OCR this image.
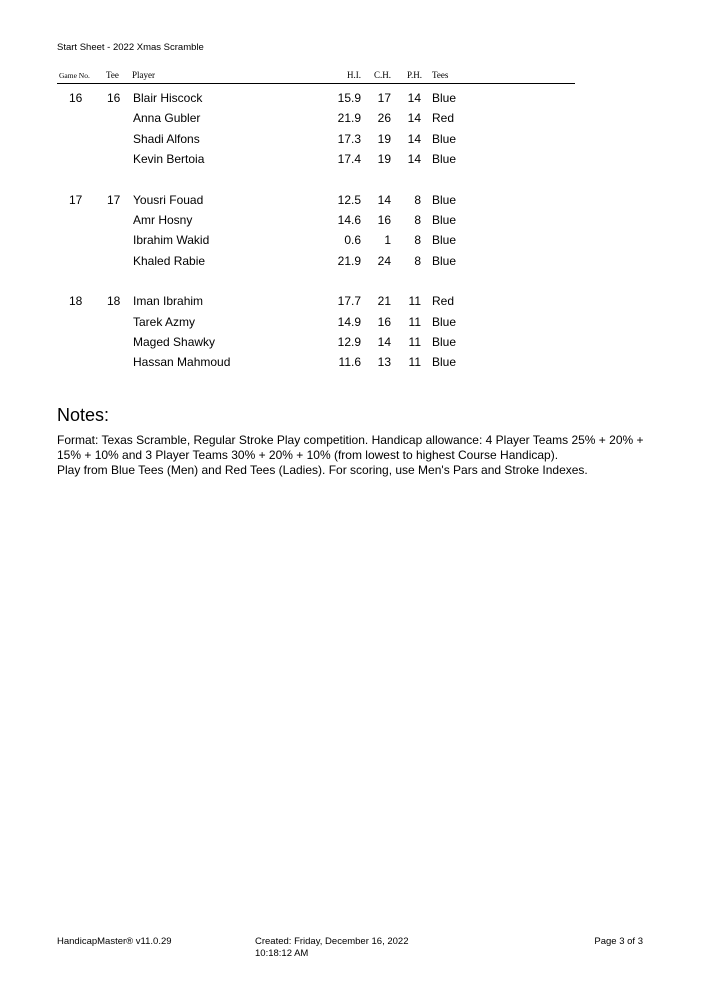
Start Sheet - 2022 Xmas Scramble
Game No. Tee Player	H.I. C.H. P.H. Tees
16 16 Blair Hiscock	15.9 17 14 Blue
Anna Gubler	21.9 26 14 Red
Shadi Alfons	17.3 19 14 Blue
Kevin Bertoia	17.4 19 14 Blue
17 17 Yousri Fouad	12.5 14 8 Blue
Amr Hosny	14.6 16 8 Blue
Ibrahim Wakid	0.6 1 8 Blue
Khaled Rabie	21.9 24 8 Blue
18 18 Iman Ibrahim	17.7 21 11 Red
Tarek Azmy	14.9 16 11 Blue
Maged Shawky	12.9 14 11 Blue
Hassan Mahmoud	11.6 13 11 Blue
Notes:
Format: Texas Scramble, Regular Stroke Play competition. Handicap allowance: 4 Player Teams 25% + 20% +
15% + 10% and 3 Player Teams 30% + 20% + 10% (from lowest to highest Course Handicap).
Play from Blue Tees (Men) and Red Tees (Ladies). For scoring, use Men's Pars and Stroke Indexes.
HandicapMaster® v11.0.29	Created: Friday, December 16, 2022
10:18:12 AM
Page 3 of 3
